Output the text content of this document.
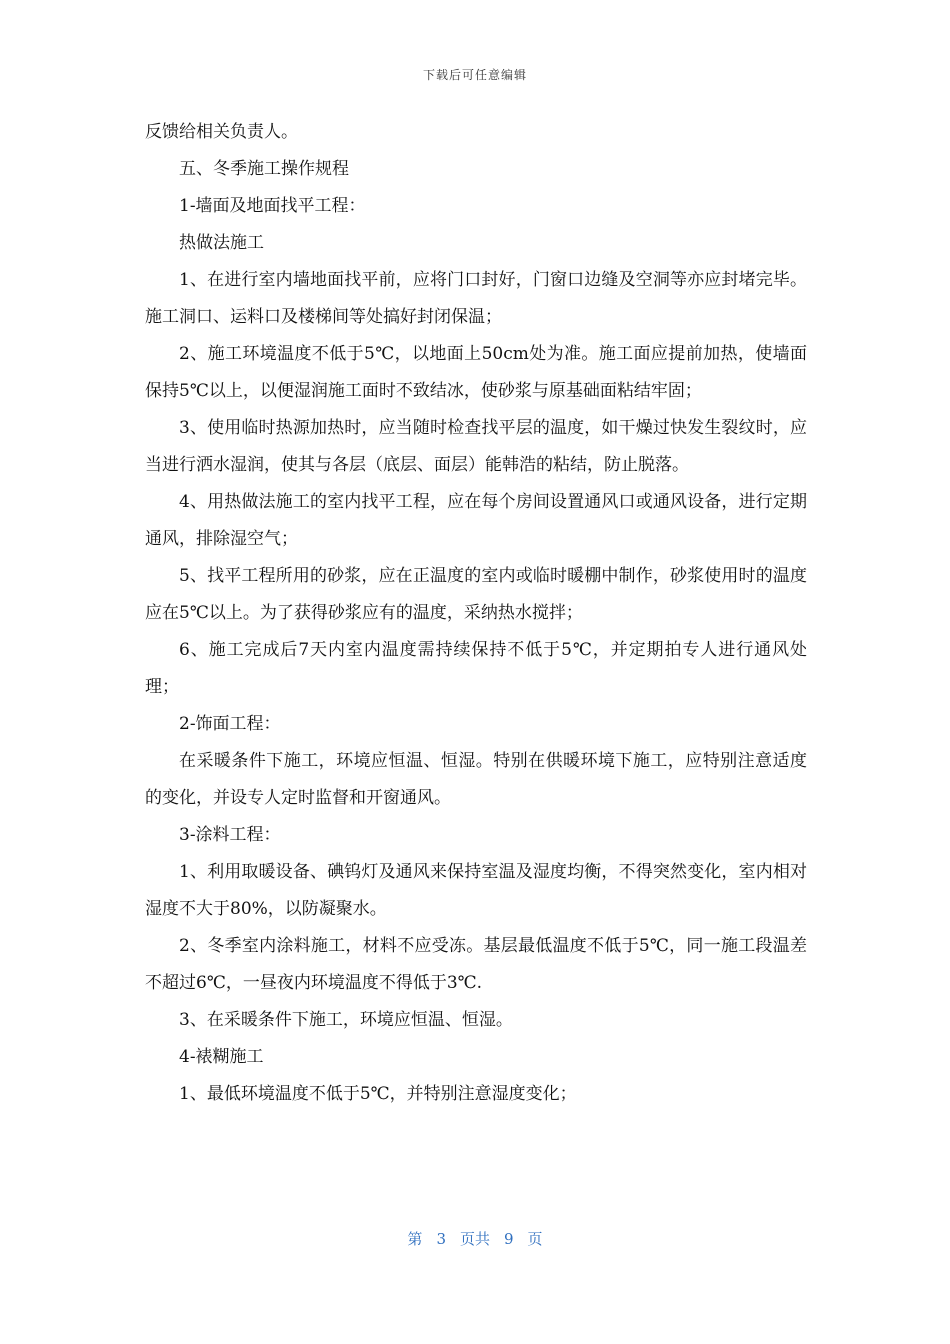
下载后可任意编辑

反馈给相关负责人。

五、冬季施工操作规程

1-墙面及地面找平工程：

热做法施工

1、在进行室内墙地面找平前，应将门口封好，门窗口边缝及空洞等亦应封堵完毕。施工洞口、运料口及楼梯间等处搞好封闭保温；

2、施工环境温度不低于5℃，以地面上50cm处为准。施工面应提前加热，使墙面保持5℃以上，以便湿润施工面时不致结冰，使砂浆与原基础面粘结牢固；

3、使用临时热源加热时，应当随时检查找平层的温度，如干燥过快发生裂纹时，应当进行洒水湿润，使其与各层（底层、面层）能韩浩的粘结，防止脱落。

4、用热做法施工的室内找平工程，应在每个房间设置通风口或通风设备，进行定期通风，排除湿空气；

5、找平工程所用的砂浆，应在正温度的室内或临时暖棚中制作，砂浆使用时的温度应在5℃以上。为了获得砂浆应有的温度，采纳热水搅拌；

6、施工完成后7天内室内温度需持续保持不低于5℃，并定期拍专人进行通风处理；

2-饰面工程：

在采暖条件下施工，环境应恒温、恒湿。特别在供暖环境下施工，应特别注意适度的变化，并设专人定时监督和开窗通风。

3-涂料工程：

1、利用取暖设备、碘钨灯及通风来保持室温及湿度均衡，不得突然变化，室内相对湿度不大于80%，以防凝聚水。

2、冬季室内涂料施工，材料不应受冻。基层最低温度不低于5℃，同一施工段温差不超过6℃，一昼夜内环境温度不得低于3℃.

3、在采暖条件下施工，环境应恒温、恒湿。

4-裱糊施工

1、最低环境温度不低于5℃，并特别注意湿度变化；

第 3 页共 9 页
